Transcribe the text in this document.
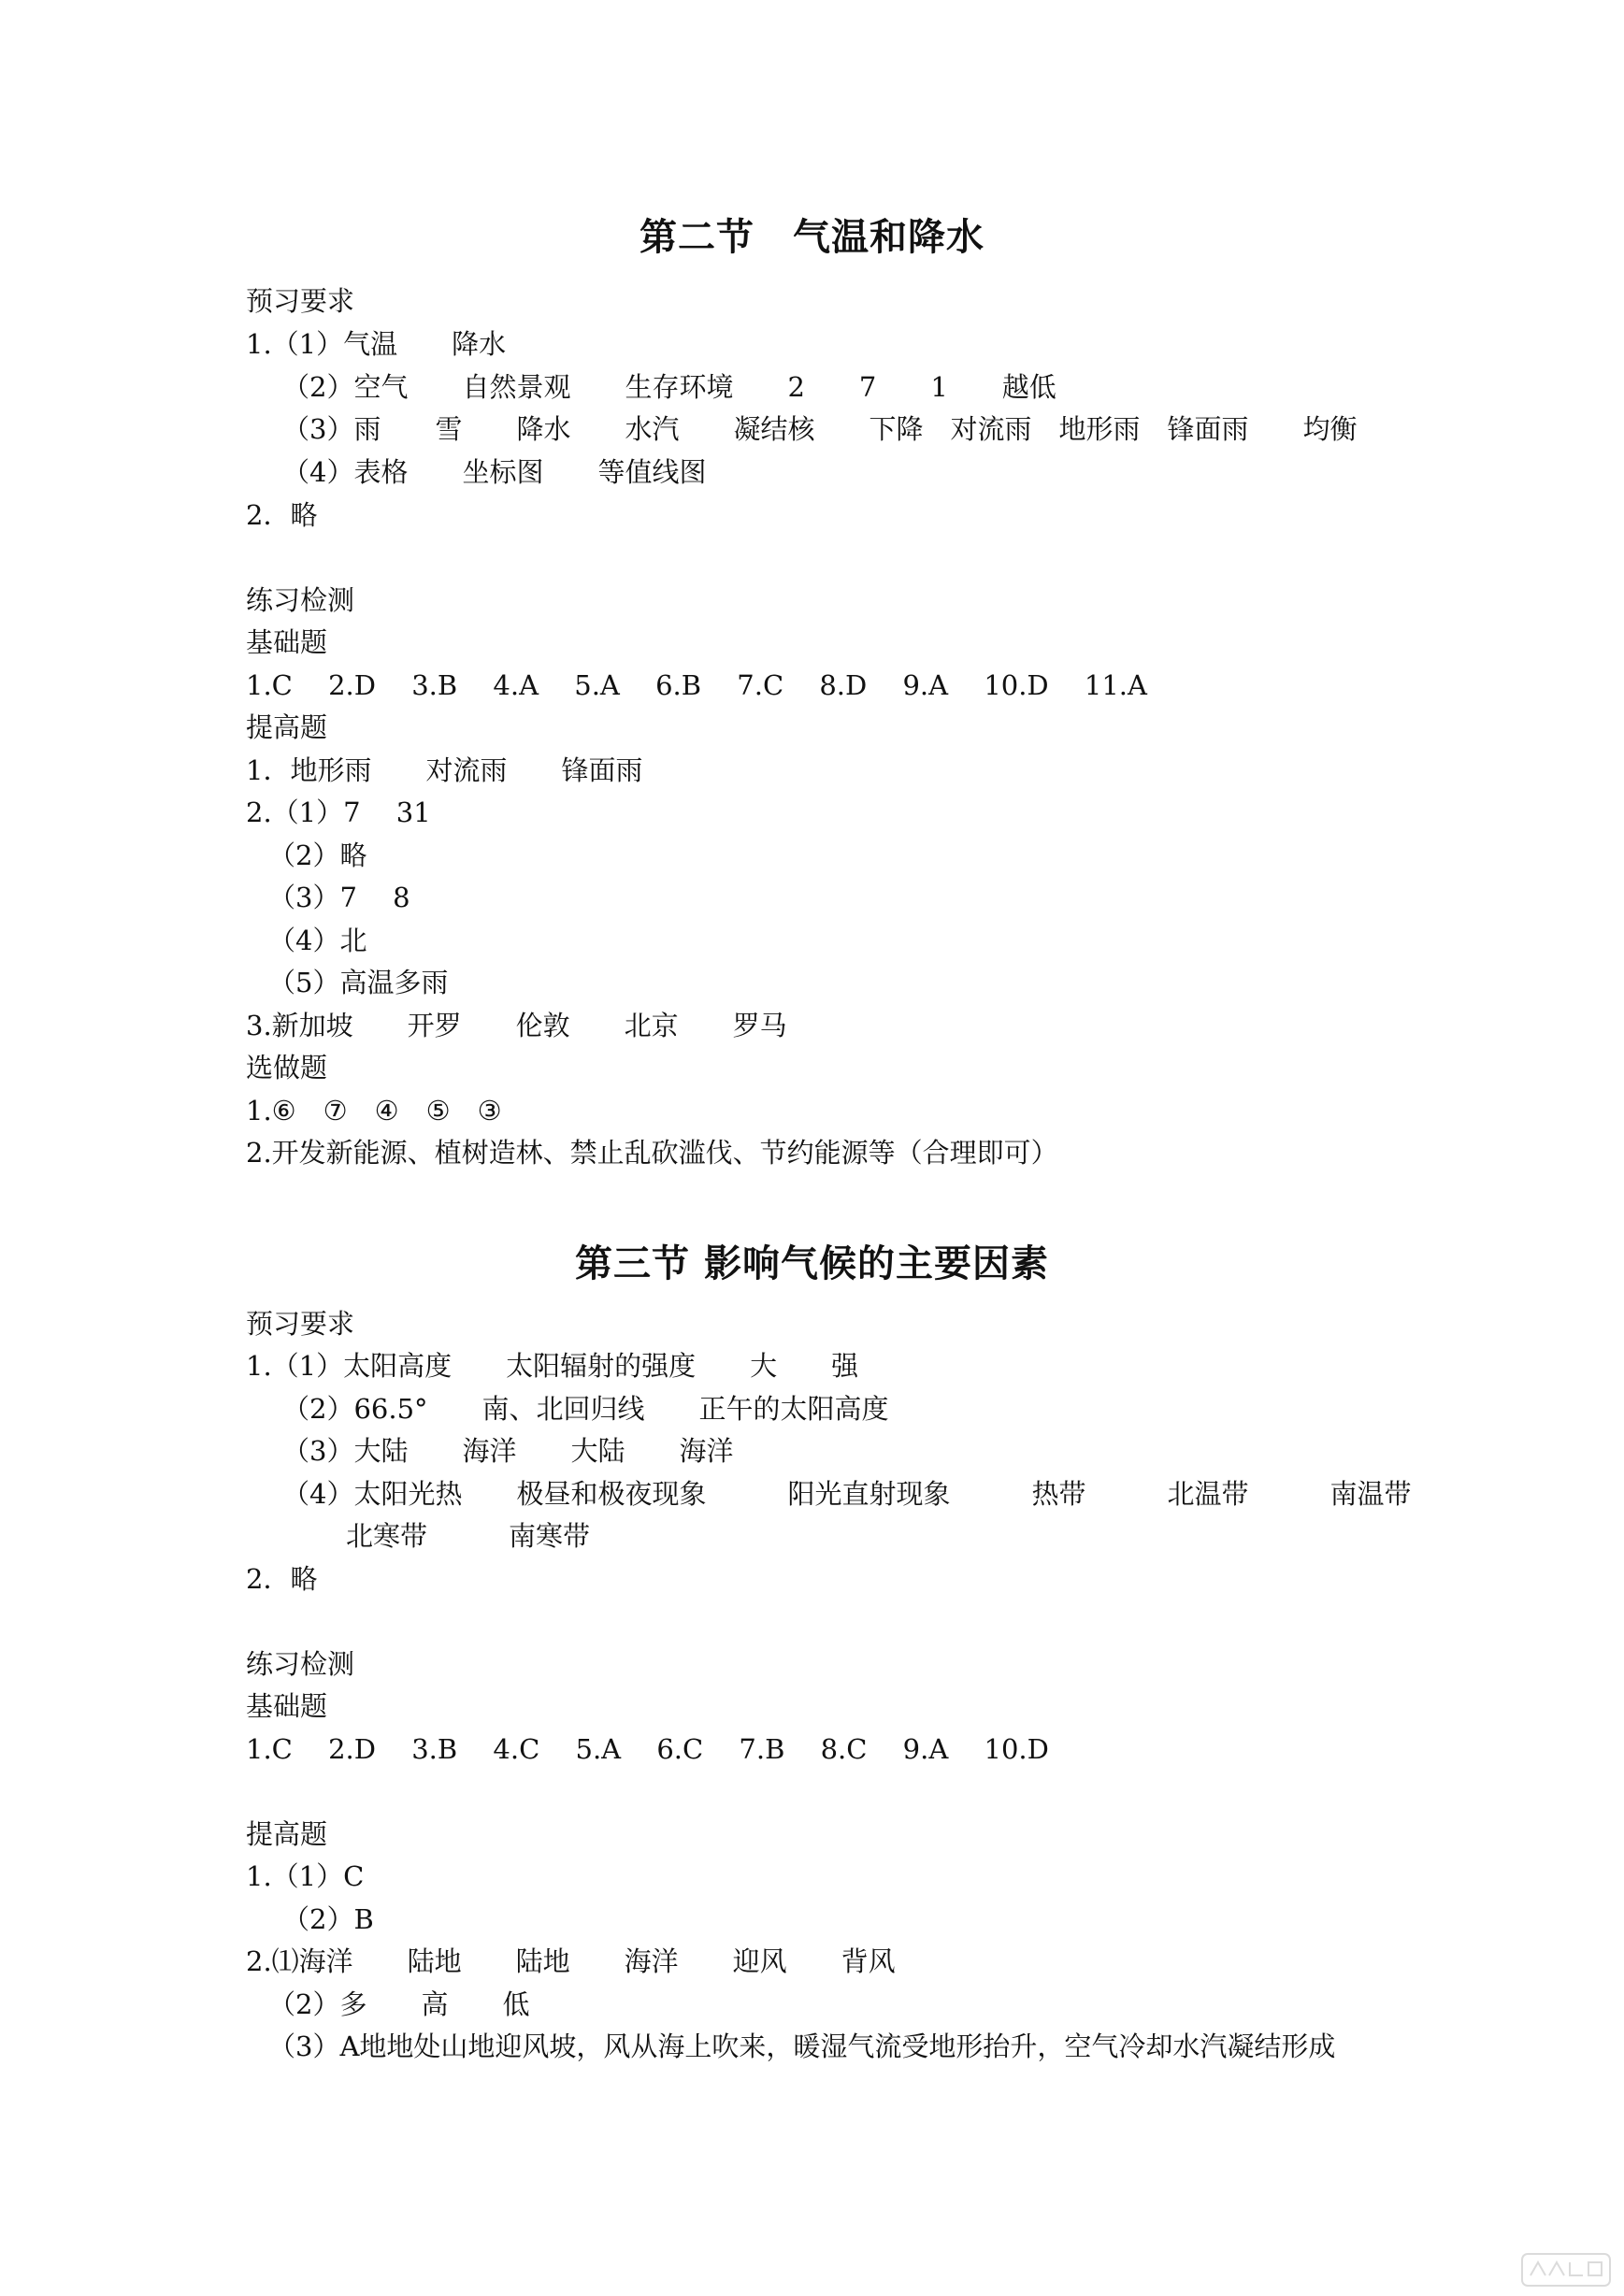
第二节　气温和降水
预习要求
1.（1）气温　　降水
（2）空气　　自然景观　　生存环境　　2　　7　　1　　越低
（3）雨　　雪　　降水　　水汽　　凝结核　　下降　对流雨　地形雨　锋面雨　　均衡
（4）表格　　坐标图　　等值线图
2．略
练习检测
基础题
1.C　 2.D　 3.B　 4.A　 5.A　 6.B　 7.C　 8.D　 9.A　 10.D　 11.A
提高题
1．地形雨　　对流雨　　锋面雨
2.（1）7　 31
（2）略
（3）7　 8
（4）北
（5）高温多雨
3.新加坡　　开罗　　伦敦　　北京　　罗马
选做题
1.⑥　⑦　④　⑤　③
2.开发新能源、植树造林、禁止乱砍滥伐、节约能源等（合理即可）
第三节 影响气候的主要因素
预习要求
1.（1）太阳高度　　太阳辐射的强度　　大　　强
（2）66.5°　　南、北回归线　　正午的太阳高度
（3）大陆　　海洋　　大陆　　海洋
（4）太阳光热　　极昼和极夜现象　　　阳光直射现象　　　热带　　　北温带　　　南温带
北寒带　　　南寒带
2．略
练习检测
基础题
1.C　 2.D　 3.B　 4.C　 5.A　 6.C　 7.B　 8.C　 9.A　 10.D
提高题
1.（1）C
（2）B
2.⑴海洋　　陆地　　陆地　　海洋　　迎风　　背风
（2）多　　高　　低
（3）A地地处山地迎风坡，风从海上吹来，暖湿气流受地形抬升，空气冷却水汽凝结形成
